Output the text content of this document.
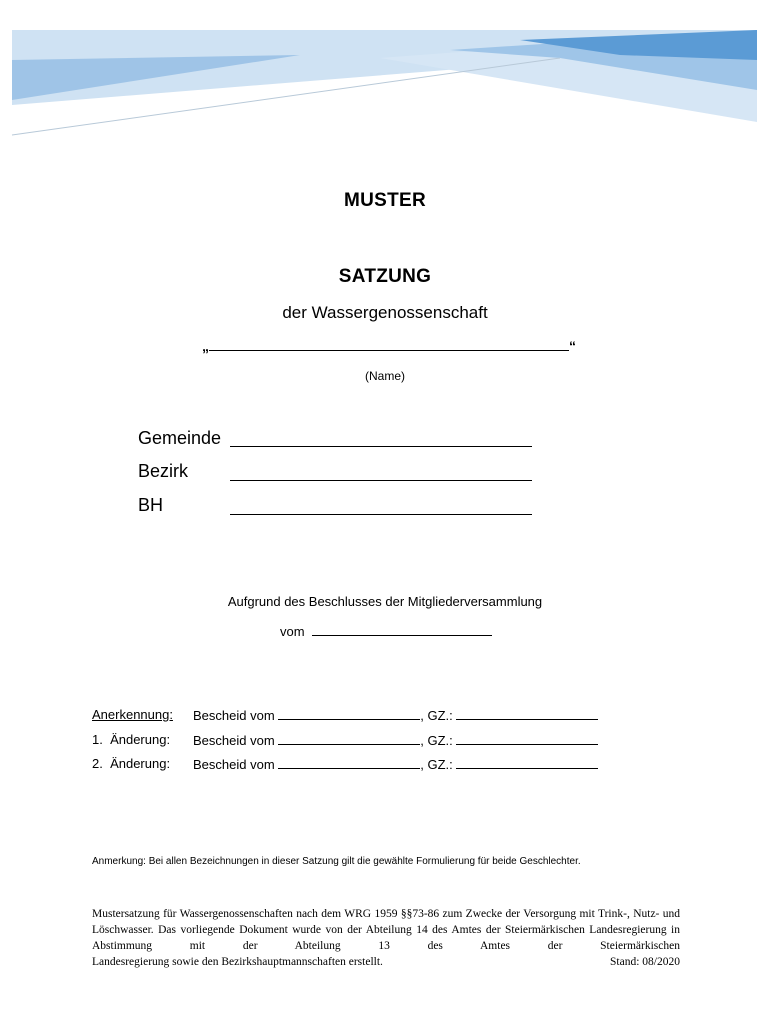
MUSTER
SATZUNG
der Wassergenossenschaft
„	“
(Name)
Gemeinde
Bezirk
BH
Aufgrund des Beschlusses der Mitgliederversammlung
vom
Anerkennung: Bescheid vom	, GZ.:
1.  Änderung: Bescheid vom	, GZ.:
2.  Änderung: Bescheid vom	, GZ.:
Anmerkung: Bei allen Bezeichnungen in dieser Satzung gilt die gewählte Formulierung für beide Geschlechter.
Mustersatzung für Wassergenossenschaften nach dem WRG 1959 §§73-86 zum Zwecke der Versorgung mit Trink-, Nutz- und Löschwasser. Das vorliegende Dokument wurde von der Abteilung 14 des Amtes der Steiermärkischen Landesregierung in Abstimmung mit der Abteilung 13 des Amtes der Steiermärkischen
Landesregierung sowie den Bezirkshauptmannschaften erstellt.	Stand: 08/2020
